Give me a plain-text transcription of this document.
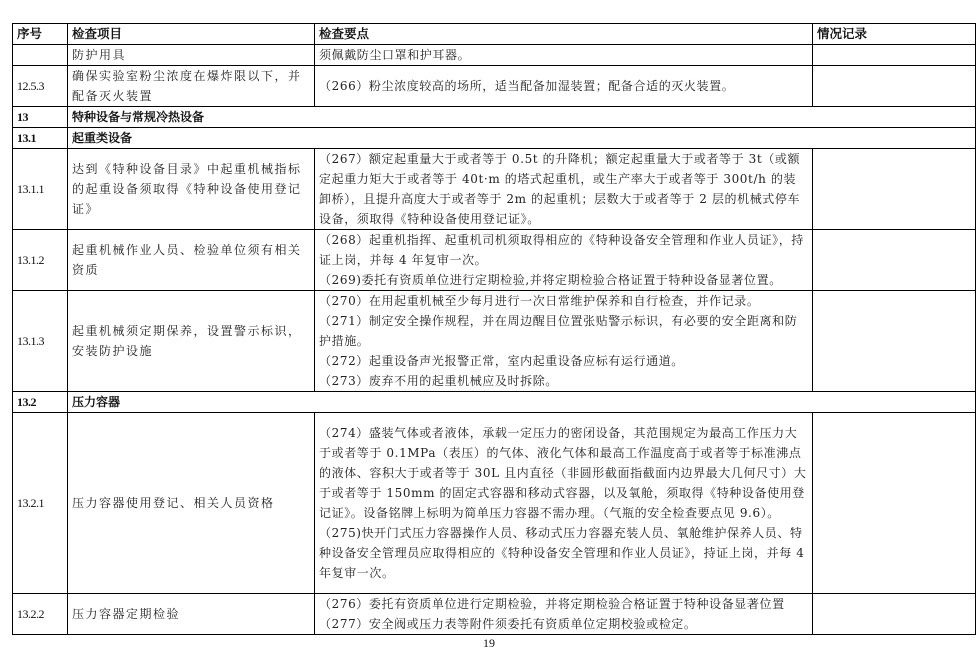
序号	检查项目	检查要点	情况记录
	防护用具	须佩戴防尘口罩和护耳器。	

12.5.3	确保实验室粉尘浓度在爆炸限以下，并配备灭火装置	（266）粉尘浓度较高的场所，适当配备加湿装置；配备合适的灭火装置。	

13	特种设备与常规冷热设备		
13.1	起重类设备		
13.1.1	达到《特种设备目录》中起重机械指标的起重设备须取得《特种设备使用登记证》	（267）额定起重量大于或者等于 0.5t 的升降机；额定起重量大于或者等于 3t（或额定起重力矩大于或者等于 40t·m 的塔式起重机，或生产率大于或者等于 300t/h 的装卸桥），且提升高度大于或者等于 2m 的起重机；层数大于或者等于 2 层的机械式停车设备，须取得《特种设备使用登记证》。	

13.1.2	起重机械作业人员、检验单位须有相关资质	（268）起重机指挥、起重机司机须取得相应的《特种设备安全管理和作业人员证》，持证上岗，并每 4 年复审一次。

（269)委托有资质单位进行定期检验,并将定期检验合格证置于特种设备显著位置。	

13.1.3	起重机械须定期保养，设置警示标识，安装防护设施	（270）在用起重机械至少每月进行一次日常维护保养和自行检查，并作记录。

（271）制定安全操作规程，并在周边醒目位置张贴警示标识，有必要的安全距离和防护措施。

（272）起重设备声光报警正常，室内起重设备应标有运行通道。

（273）废弃不用的起重机械应及时拆除。	

13.2	压力容器		
13.2.1	压力容器使用登记、相关人员资格	（274）盛装气体或者液体，承载一定压力的密闭设备，其范围规定为最高工作压力大于或者等于 0.1MPa（表压）的气体、液化气体和最高工作温度高于或者等于标准沸点的液体、容积大于或者等于 30L 且内直径（非圆形截面指截面内边界最大几何尺寸）大于或者等于 150mm 的固定式容器和移动式容器，以及氧舱，须取得《特种设备使用登记证》。设备铭牌上标明为简单压力容器不需办理。（气瓶的安全检查要点见 9.6）。

（275)快开门式压力容器操作人员、移动式压力容器充装人员、氧舱维护保养人员、特种设备安全管理员应取得相应的《特种设备安全管理和作业人员证》，持证上岗，并每 4 年复审一次。	

13.2.2	压力容器定期检验	（276）委托有资质单位进行定期检验，并将定期检验合格证置于特种设备显著位置

（277）安全阀或压力表等附件须委托有资质单位定期校验或检定。	

19
